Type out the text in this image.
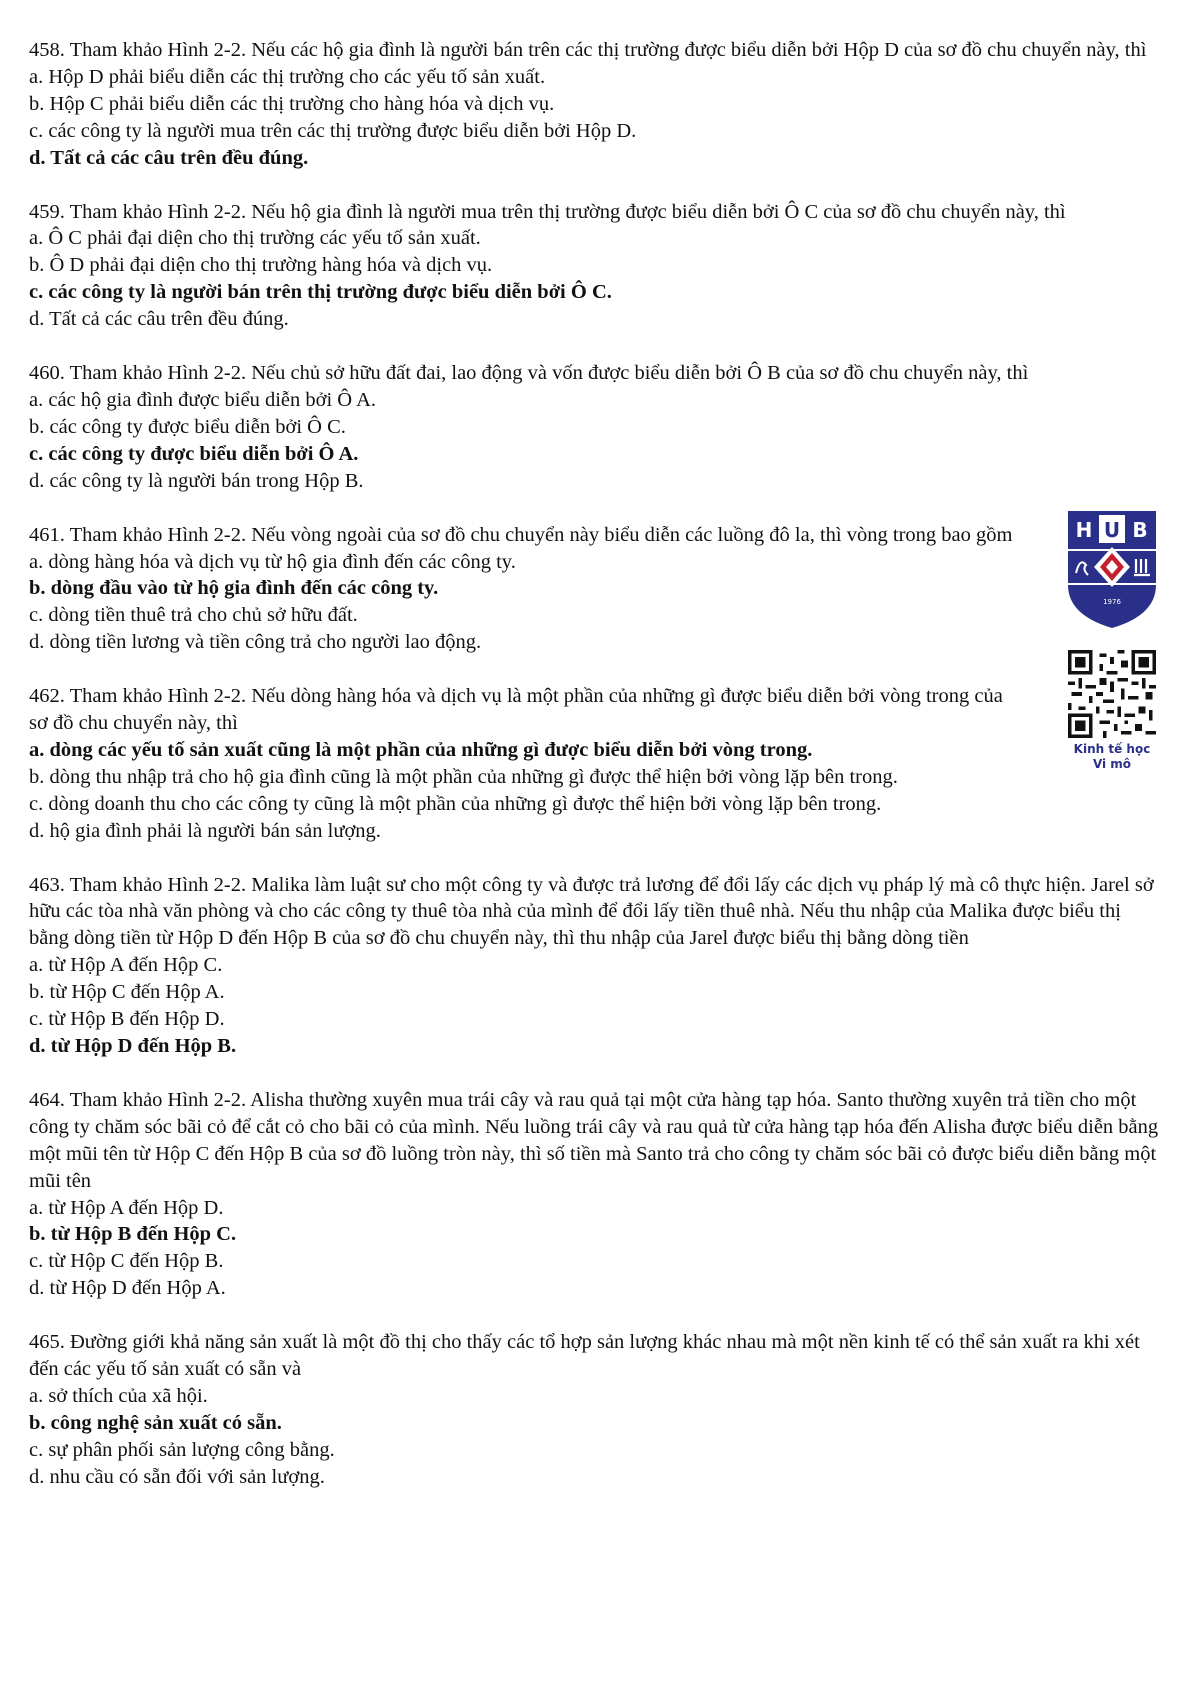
458. Tham khảo Hình 2-2. Nếu các hộ gia đình là người bán trên các thị trường được biểu diễn bởi Hộp D của sơ đồ chu chuyển này, thì

a. Hộp D phải biểu diễn các thị trường cho các yếu tố sản xuất.

b. Hộp C phải biểu diễn các thị trường cho hàng hóa và dịch vụ.

c. các công ty là người mua trên các thị trường được biểu diễn bởi Hộp D.

d. Tất cả các câu trên đều đúng.

459. Tham khảo Hình 2-2. Nếu hộ gia đình là người mua trên thị trường được biểu diễn bởi Ô C của sơ đồ chu chuyển này, thì

a. Ô C phải đại diện cho thị trường các yếu tố sản xuất.

b. Ô D phải đại diện cho thị trường hàng hóa và dịch vụ.

c. các công ty là người bán trên thị trường được biểu diễn bởi Ô C.

d. Tất cả các câu trên đều đúng.

460. Tham khảo Hình 2-2. Nếu chủ sở hữu đất đai, lao động và vốn được biểu diễn bởi Ô B của sơ đồ chu chuyển này, thì

a. các hộ gia đình được biểu diễn bởi Ô A.

b. các công ty được biểu diễn bởi Ô C.

c. các công ty được biểu diễn bởi Ô A.

d. các công ty là người bán trong Hộp B.

461. Tham khảo Hình 2-2. Nếu vòng ngoài của sơ đồ chu chuyển này biểu diễn các luồng đô la, thì vòng trong bao gồm

a. dòng hàng hóa và dịch vụ từ hộ gia đình đến các công ty.

b. dòng đầu vào từ hộ gia đình đến các công ty.

c. dòng tiền thuê trả cho chủ sở hữu đất.

d. dòng tiền lương và tiền công trả cho người lao động.

462. Tham khảo Hình 2-2. Nếu dòng hàng hóa và dịch vụ là một phần của những gì được biểu diễn bởi vòng trong của sơ đồ chu chuyển này, thì

a. dòng các yếu tố sản xuất cũng là một phần của những gì được biểu diễn bởi vòng trong.

b. dòng thu nhập trả cho hộ gia đình cũng là một phần của những gì được thể hiện bởi vòng lặp bên trong.

c. dòng doanh thu cho các công ty cũng là một phần của những gì được thể hiện bởi vòng lặp bên trong.

d. hộ gia đình phải là người bán sản lượng.

463. Tham khảo Hình 2-2. Malika làm luật sư cho một công ty và được trả lương để đổi lấy các dịch vụ pháp lý mà cô thực hiện. Jarel sở hữu các tòa nhà văn phòng và cho các công ty thuê tòa nhà của mình để đổi lấy tiền thuê nhà. Nếu thu nhập của Malika được biểu thị bằng dòng tiền từ Hộp D đến Hộp B của sơ đồ chu chuyển này, thì thu nhập của Jarel được biểu thị bằng dòng tiền

a. từ Hộp A đến Hộp C.

b. từ Hộp C đến Hộp A.

c. từ Hộp B đến Hộp D.

d. từ Hộp D đến Hộp B.

464. Tham khảo Hình 2-2. Alisha thường xuyên mua trái cây và rau quả tại một cửa hàng tạp hóa. Santo thường xuyên trả tiền cho một công ty chăm sóc bãi cỏ để cắt cỏ cho bãi cỏ của mình. Nếu luồng trái cây và rau quả từ cửa hàng tạp hóa đến Alisha được biểu diễn bằng một mũi tên từ Hộp C đến Hộp B của sơ đồ luồng tròn này, thì số tiền mà Santo trả cho công ty chăm sóc bãi cỏ được biểu diễn bằng một mũi tên

a. từ Hộp A đến Hộp D.

b. từ Hộp B đến Hộp C.

c. từ Hộp C đến Hộp B.

d. từ Hộp D đến Hộp A.

465. Đường giới khả năng sản xuất là một đồ thị cho thấy các tổ hợp sản lượng khác nhau mà một nền kinh tế có thể sản xuất ra khi xét đến các yếu tố sản xuất có sẵn và

a. sở thích của xã hội.

b. công nghệ sản xuất có sẵn.

c. sự phân phối sản lượng công bằng.

d. nhu cầu có sẵn đối với sản lượng.

H U B
1976
Kinh tế học
Vi mô
